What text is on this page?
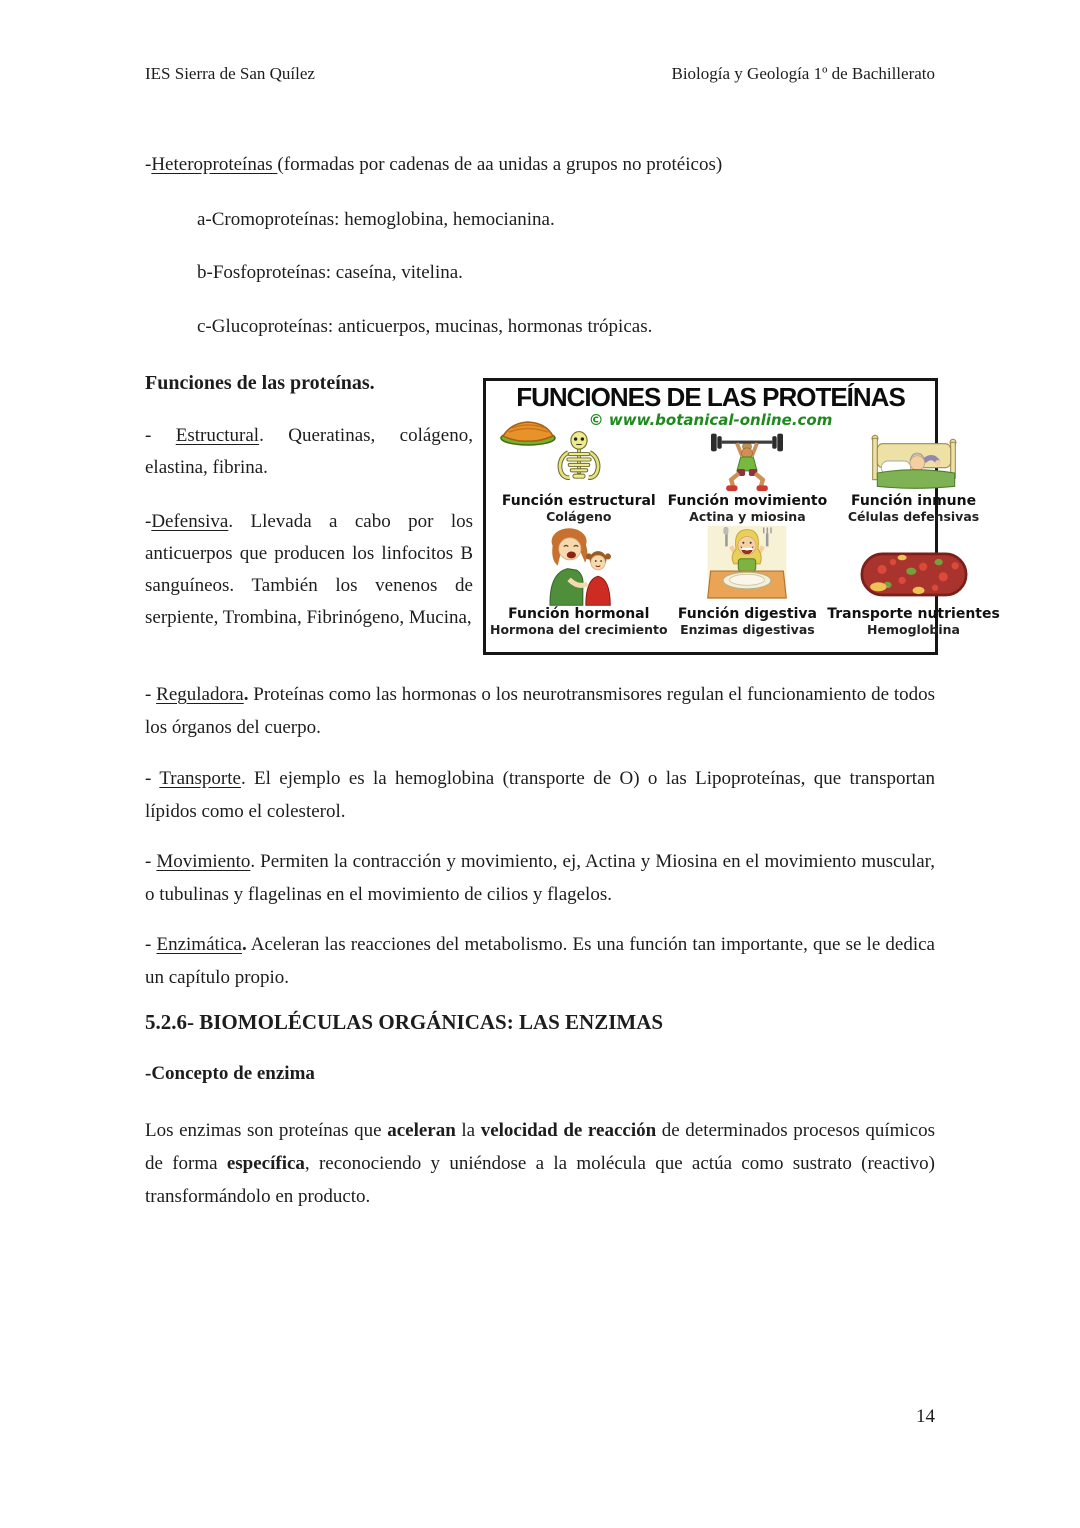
IES Sierra de San Quílez	Biología y Geología 1º de Bachillerato

-Heteroproteínas (formadas por cadenas de aa unidas a grupos no protéicos)

a-Cromoproteínas: hemoglobina, hemocianina.

b-Fosfoproteínas: caseína, vitelina.

c-Glucoproteínas: anticuerpos, mucinas, hormonas trópicas.

Funciones de las proteínas.

- Estructural. Queratinas, colágeno, elastina, fibrina.

-Defensiva. Llevada a cabo por los anticuerpos que producen los linfocitos B sanguíneos. También los venenos de serpiente, Trombina, Fibrinógeno, Mucina,

FUNCIONES DE LAS PROTEÍNAS

© www.botanical-online.com

Función estructural
Colágeno
Función movimiento
Actina y miosina
Función inmune
Células defensivas
Función hormonal
Hormona del crecimiento
Función digestiva
Enzimas digestivas
Transporte nutrientes
Hemoglobina

- Reguladora. Proteínas como las hormonas o los neurotransmisores regulan el funcionamiento de todos los órganos del cuerpo.

- Transporte. El ejemplo es la hemoglobina (transporte de O) o las Lipoproteínas, que transportan lípidos como el colesterol.

- Movimiento. Permiten la contracción y movimiento, ej, Actina y Miosina en el movimiento muscular, o tubulinas y flagelinas en el movimiento de cilios y flagelos.

- Enzimática. Aceleran las reacciones del metabolismo. Es una función tan importante, que se le dedica un capítulo propio.

5.2.6- BIOMOLÉCULAS ORGÁNICAS: LAS ENZIMAS
-Concepto de enzima

Los enzimas son proteínas que aceleran la velocidad de reacción de determinados procesos químicos de forma específica, reconociendo y uniéndose a la molécula que actúa como sustrato (reactivo) transformándolo en producto.

14
